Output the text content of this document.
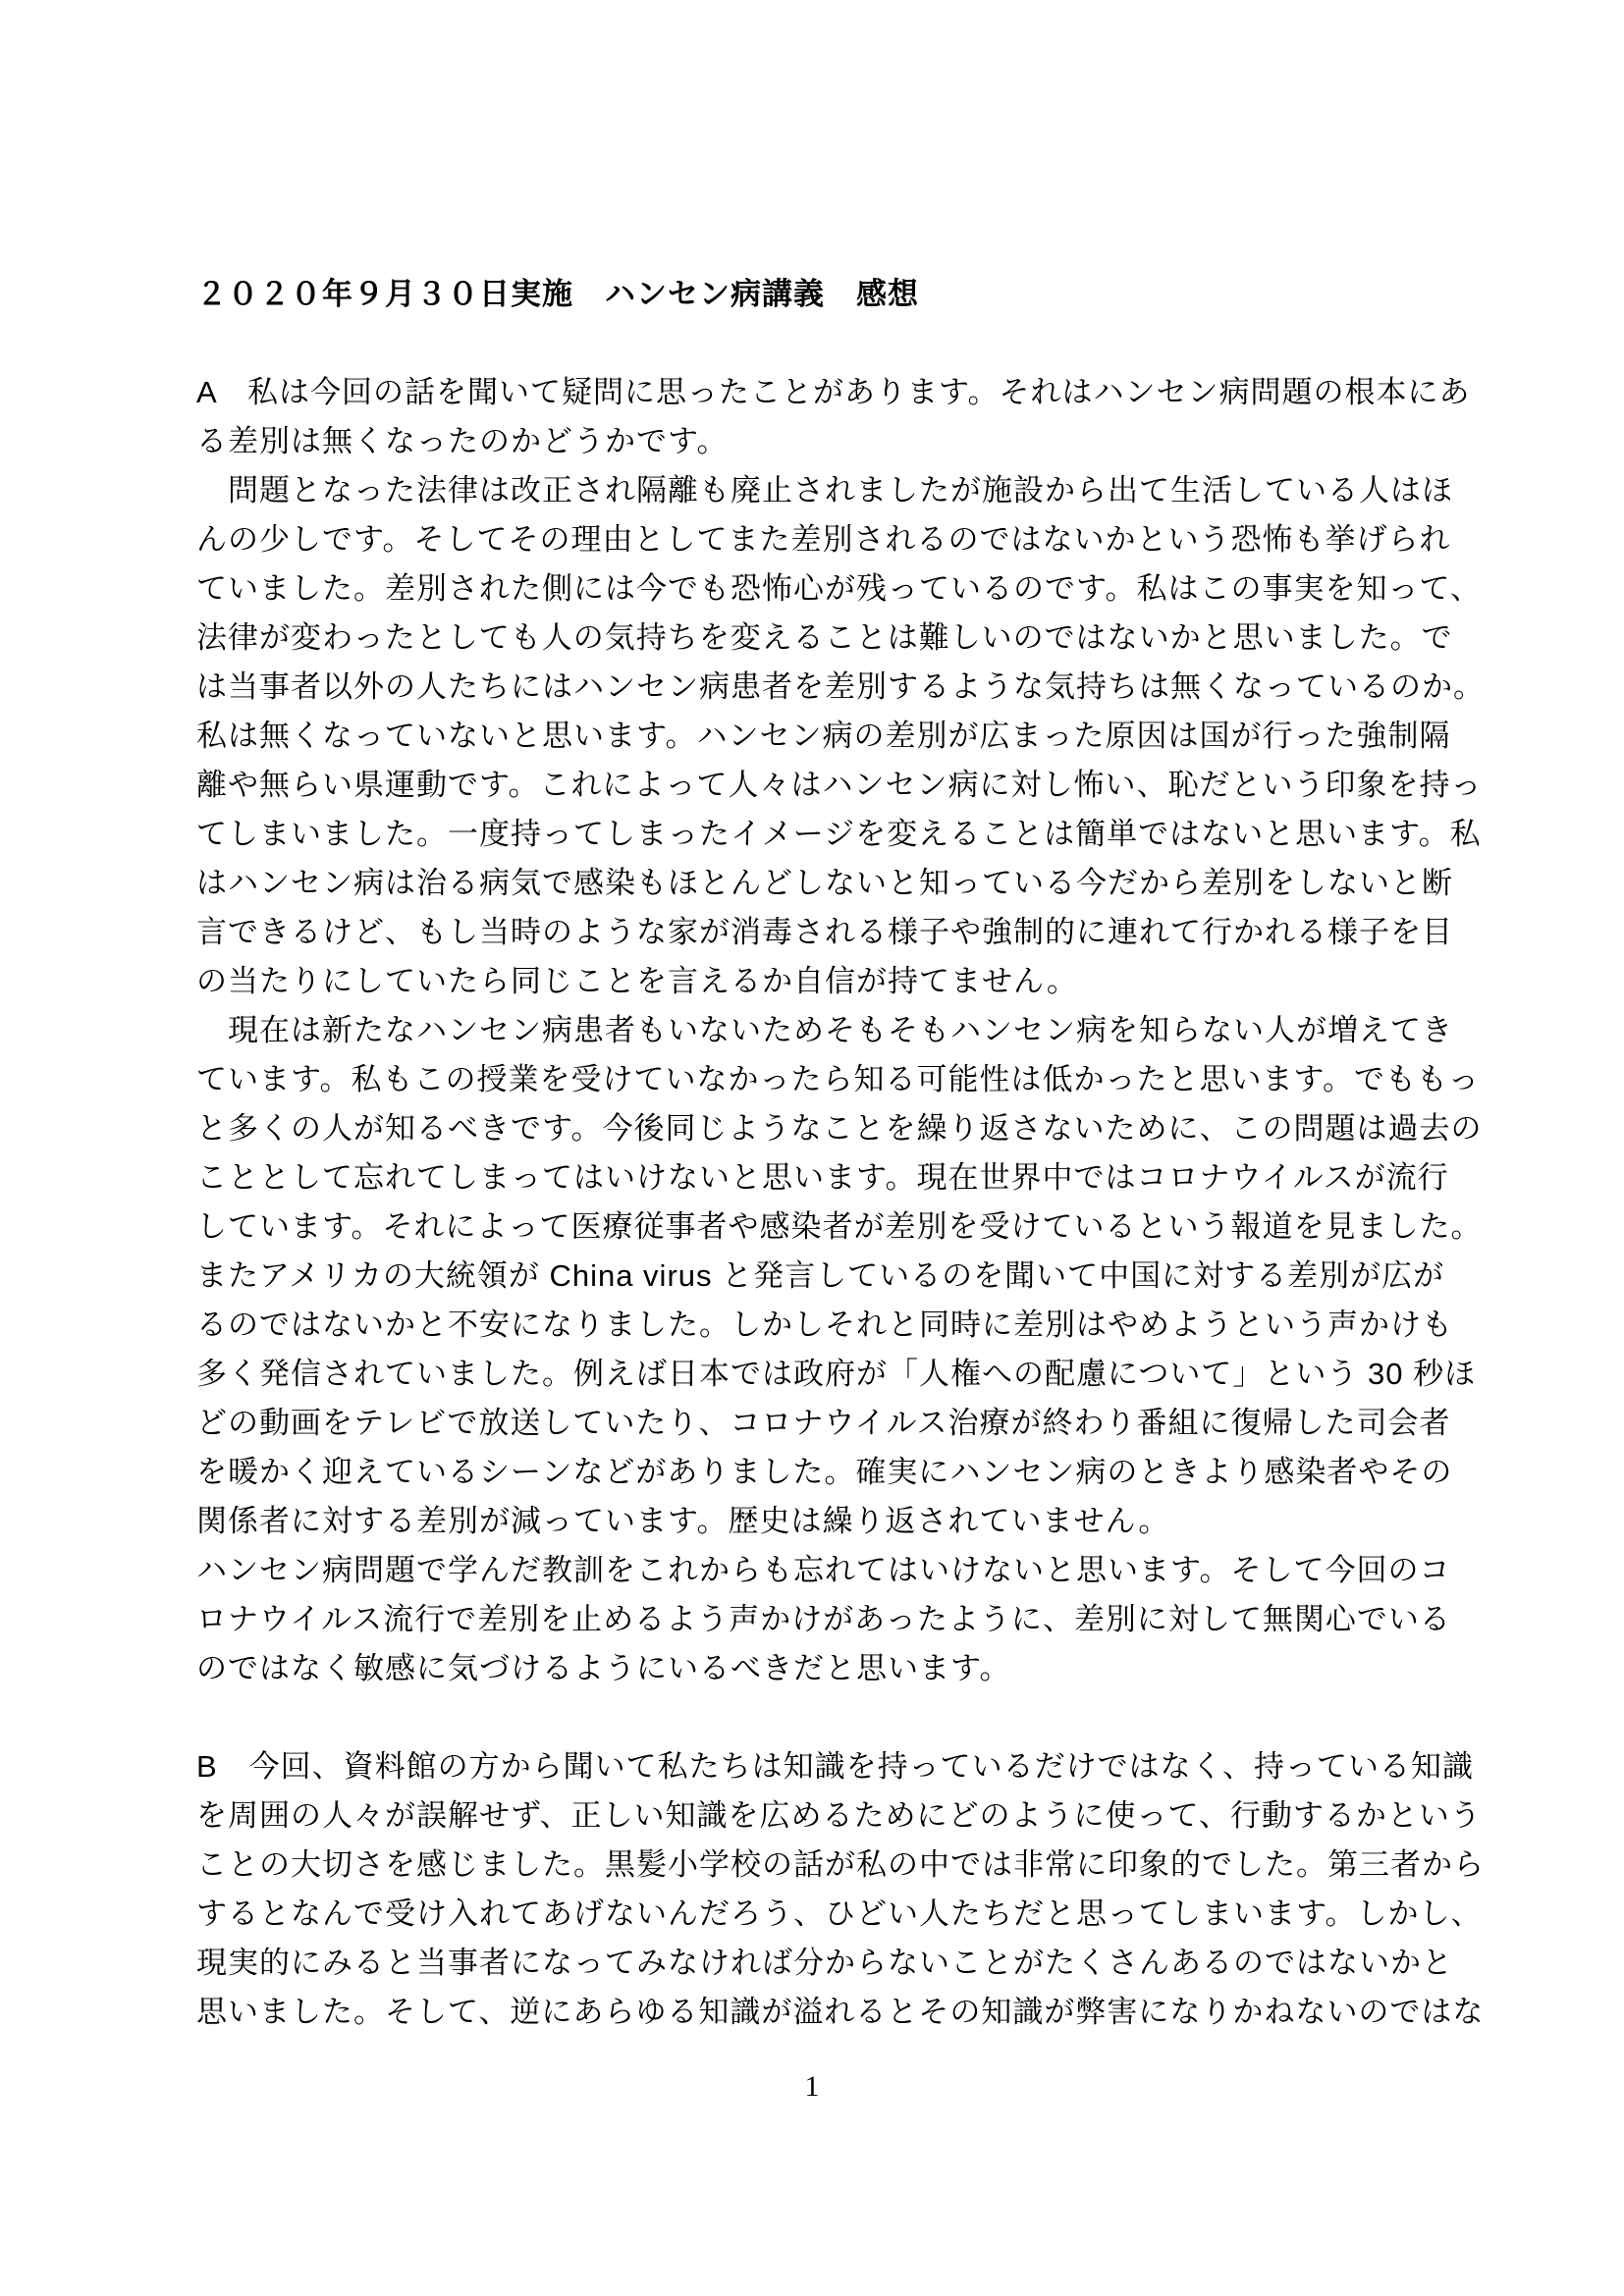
２０２０年９月３０日実施　ハンセン病講義　感想
A　私は今回の話を聞いて疑問に思ったことがあります。それはハンセン病問題の根本にあ
る差別は無くなったのかどうかです。
　問題となった法律は改正され隔離も廃止されましたが施設から出て生活している人はほ
んの少しです。そしてその理由としてまた差別されるのではないかという恐怖も挙げられ
ていました。差別された側には今でも恐怖心が残っているのです。私はこの事実を知って、
法律が変わったとしても人の気持ちを変えることは難しいのではないかと思いました。で
は当事者以外の人たちにはハンセン病患者を差別するような気持ちは無くなっているのか。
私は無くなっていないと思います。ハンセン病の差別が広まった原因は国が行った強制隔
離や無らい県運動です。これによって人々はハンセン病に対し怖い、恥だという印象を持っ
てしまいました。一度持ってしまったイメージを変えることは簡単ではないと思います。私
はハンセン病は治る病気で感染もほとんどしないと知っている今だから差別をしないと断
言できるけど、もし当時のような家が消毒される様子や強制的に連れて行かれる様子を目
の当たりにしていたら同じことを言えるか自信が持てません。
　現在は新たなハンセン病患者もいないためそもそもハンセン病を知らない人が増えてき
ています。私もこの授業を受けていなかったら知る可能性は低かったと思います。でももっ
と多くの人が知るべきです。今後同じようなことを繰り返さないために、この問題は過去の
こととして忘れてしまってはいけないと思います。現在世界中ではコロナウイルスが流行
しています。それによって医療従事者や感染者が差別を受けているという報道を見ました。
またアメリカの大統領が China virus と発言しているのを聞いて中国に対する差別が広が
るのではないかと不安になりました。しかしそれと同時に差別はやめようという声かけも
多く発信されていました。例えば日本では政府が「人権への配慮について」という 30 秒ほ
どの動画をテレビで放送していたり、コロナウイルス治療が終わり番組に復帰した司会者
を暖かく迎えているシーンなどがありました。確実にハンセン病のときより感染者やその
関係者に対する差別が減っています。歴史は繰り返されていません。
ハンセン病問題で学んだ教訓をこれからも忘れてはいけないと思います。そして今回のコ
ロナウイルス流行で差別を止めるよう声かけがあったように、差別に対して無関心でいる
のではなく敏感に気づけるようにいるべきだと思います。
B　今回、資料館の方から聞いて私たちは知識を持っているだけではなく、持っている知識
を周囲の人々が誤解せず、正しい知識を広めるためにどのように使って、行動するかという
ことの大切さを感じました。黒髪小学校の話が私の中では非常に印象的でした。第三者から
するとなんで受け入れてあげないんだろう、ひどい人たちだと思ってしまいます。しかし、
現実的にみると当事者になってみなければ分からないことがたくさんあるのではないかと
思いました。そして、逆にあらゆる知識が溢れるとその知識が弊害になりかねないのではな
1
